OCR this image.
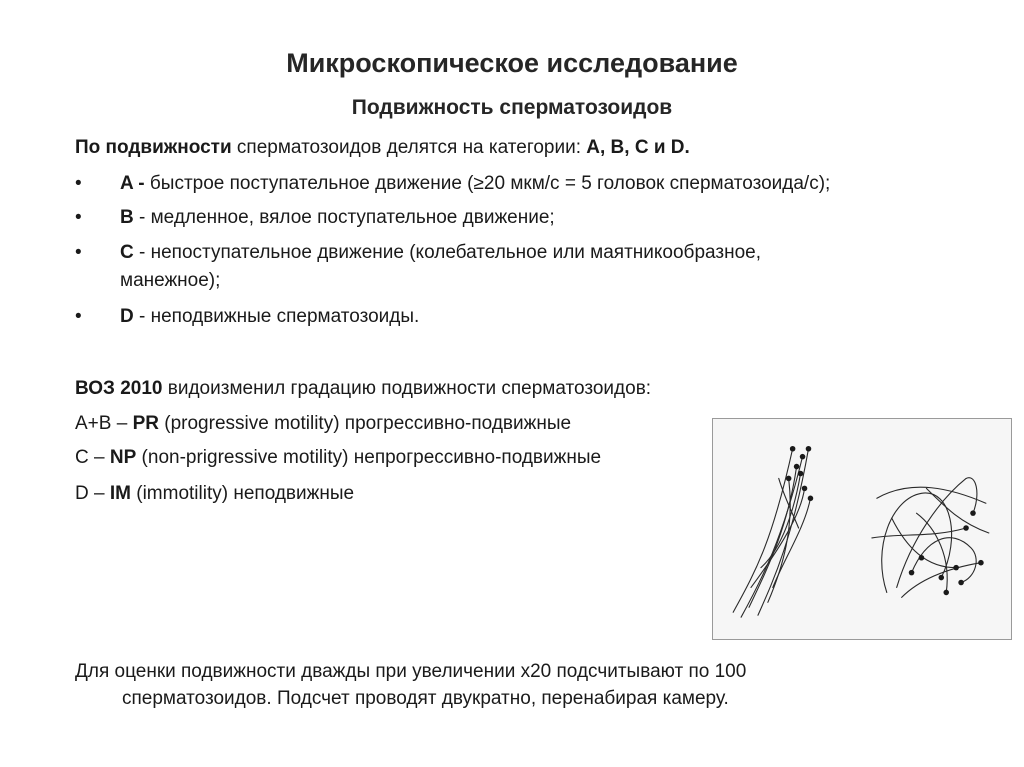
Микроскопическое исследование
Подвижность сперматозоидов
По подвижности сперматозоидов делятся на категории: A, B, C и D.
• A - быстрое поступательное движение (≥20 мкм/с = 5 головок сперматозоида/с);
• B - медленное, вялое поступательное движение;
• C - непоступательное движение (колебательное или маятникообразное,
манежное);
• D - неподвижные сперматозоиды.
ВОЗ 2010 видоизменил градацию подвижности сперматозоидов:
A+B – PR (progressive motility) прогрессивно-подвижные
C – NP (non-prigressive motility) непрогрессивно-подвижные
D – IM (immotility) неподвижные
Для оценки подвижности дважды при увеличении х20 подсчитывают по 100
сперматозоидов. Подсчет проводят двукратно, перенабирая камеру.
